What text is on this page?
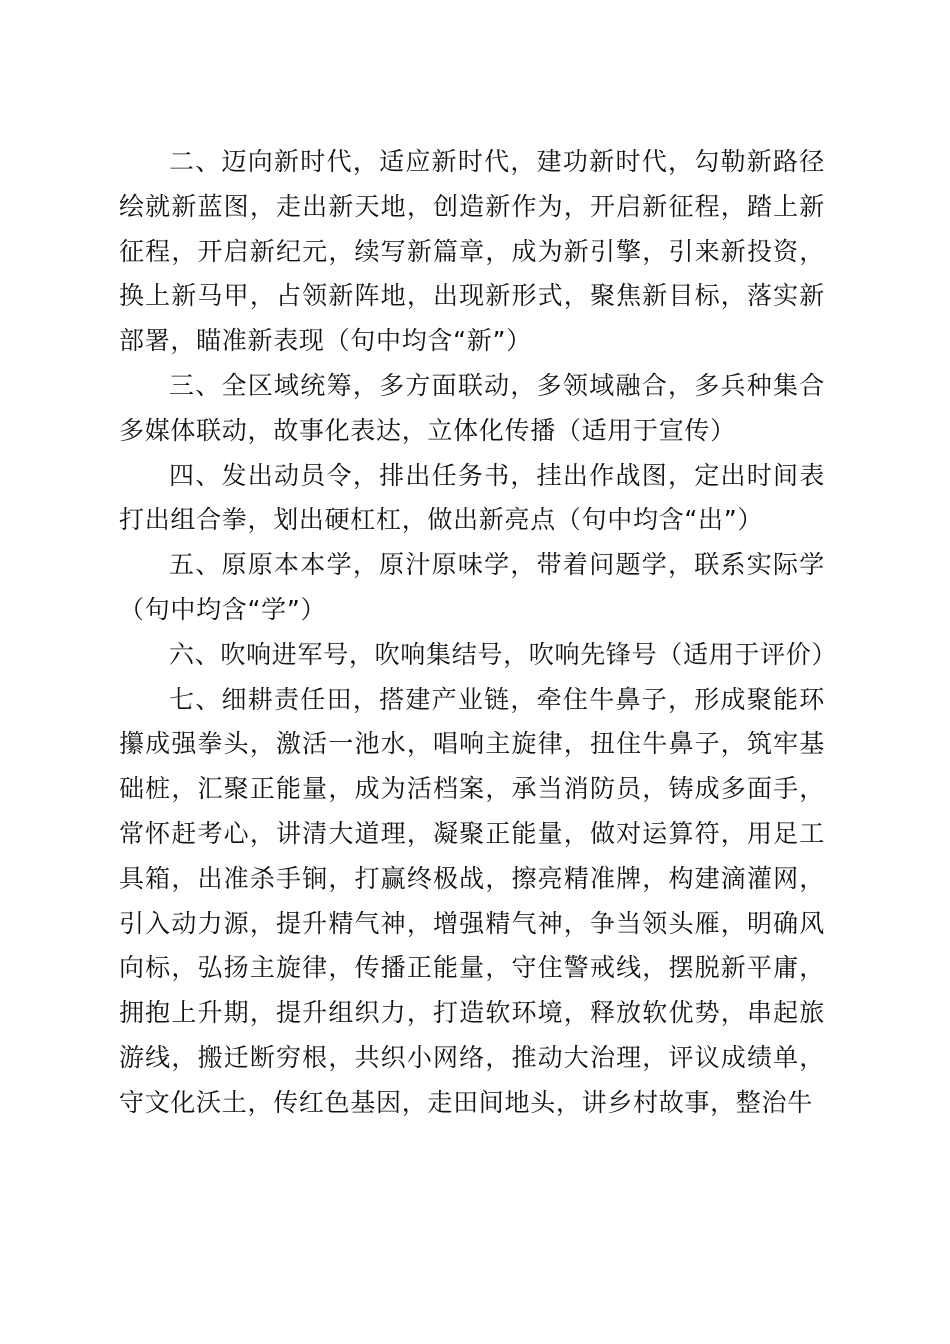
二、迈向新时代，适应新时代，建功新时代，勾勒新路径绘就新蓝图，走出新天地，创造新作为，开启新征程，踏上新征程，开启新纪元，续写新篇章，成为新引擎，引来新投资，换上新马甲，占领新阵地，出现新形式，聚焦新目标，落实新部署，瞄准新表现（句中均含“新”）

三、全区域统筹，多方面联动，多领域融合，多兵种集合多媒体联动，故事化表达，立体化传播（适用于宣传）

四、发出动员令，排出任务书，挂出作战图，定出时间表打出组合拳，划出硬杠杠，做出新亮点（句中均含“出”）

五、原原本本学，原汁原味学，带着问题学，联系实际学（句中均含“学”）

六、吹响进军号，吹响集结号，吹响先锋号（适用于评价）

七、细耕责任田，搭建产业链，牵住牛鼻子，形成聚能环攥成强拳头，激活一池水，唱响主旋律，扭住牛鼻子，筑牢基础桩，汇聚正能量，成为活档案，承当消防员，铸成多面手，常怀赶考心，讲清大道理，凝聚正能量，做对运算符，用足工具箱，出准杀手锏，打赢终极战，擦亮精准牌，构建滴灌网，引入动力源，提升精气神，增强精气神，争当领头雁，明确风向标，弘扬主旋律，传播正能量，守住警戒线，摆脱新平庸，拥抱上升期，提升组织力，打造软环境，释放软优势，串起旅游线，搬迁断穷根，共织小网络，推动大治理，评议成绩单，守文化沃土，传红色基因，走田间地头，讲乡村故事，整治牛
